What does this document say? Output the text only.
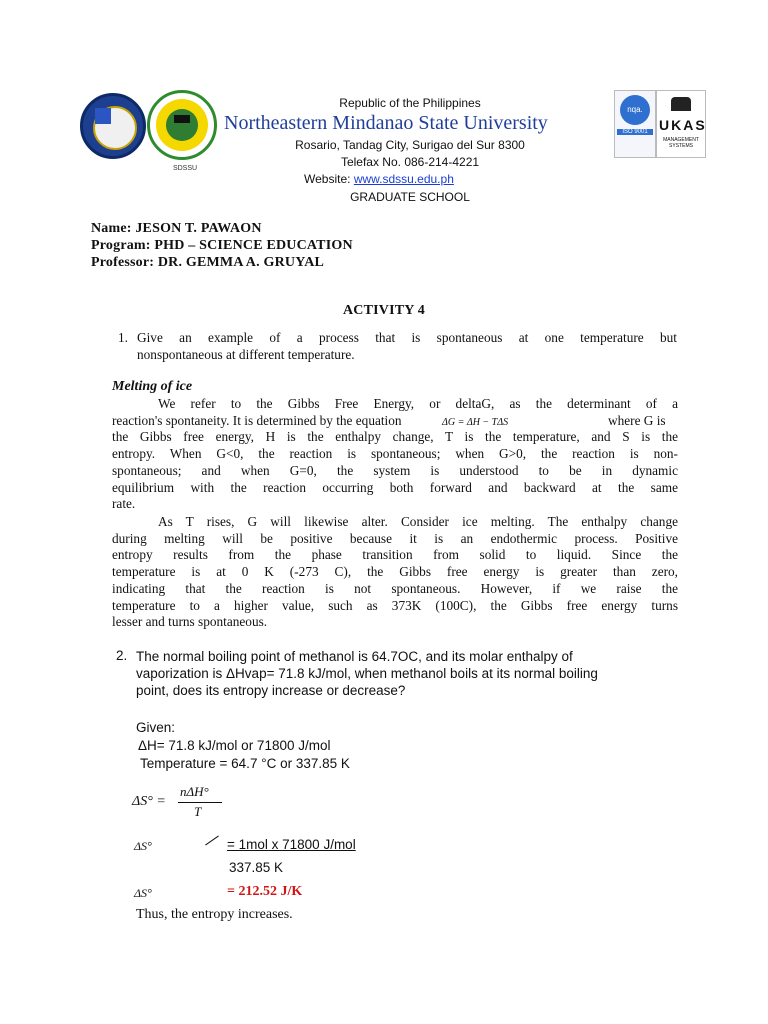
SDSSU
nqa.
ISO 9001 UKAS
MANAGEMENT SYSTEMS
Republic of the Philippines
Northeastern Mindanao State University
Rosario, Tandag City, Surigao del Sur 8300
Telefax No. 086-214-4221
Website: www.sdssu.edu.ph
GRADUATE SCHOOL
Name: JESON T. PAWAON
Program: PHD – SCIENCE EDUCATION
Professor: DR. GEMMA A. GRUYAL
ACTIVITY 4
1. Give an example of a process that is spontaneous at one temperature but
nonspontaneous at different temperature.
Melting of ice
We refer to the Gibbs Free Energy, or deltaG, as the determinant of a
reaction's spontaneity. It is determined by the equation	ΔG = ΔH − TΔS	where G is
the Gibbs free energy, H is the enthalpy change, T is the temperature, and S is the
entropy. When G<0, the reaction is spontaneous; when G>0, the reaction is non-
spontaneous; and when G=0, the system is understood to be in dynamic
equilibrium with the reaction occurring both forward and backward at the same
rate.
As T rises, G will likewise alter. Consider ice melting. The enthalpy change
during melting will be positive because it is an endothermic process. Positive
entropy results from the phase transition from solid to liquid. Since the
temperature is at 0 K (-273 C), the Gibbs free energy is greater than zero,
indicating that the reaction is not spontaneous. However, if we raise the
temperature to a higher value, such as 373K (100C), the Gibbs free energy turns
lesser and turns spontaneous.
2. The normal boiling point of methanol is 64.7OC, and its molar enthalpy of
vaporization is ΔHvap= 71.8 kJ/mol, when methanol boils at its normal boiling
point, does its entropy increase or decrease?
Given:
ΔH= 71.8 kJ/mol or 71800 J/mol
Temperature = 64.7 °C or 337.85 K
ΔS° =
nΔH°
T
ΔS°	= 1mol x 71800 J/mol
337.85 K
ΔS°	= 212.52 J/K
Thus, the entropy increases.
